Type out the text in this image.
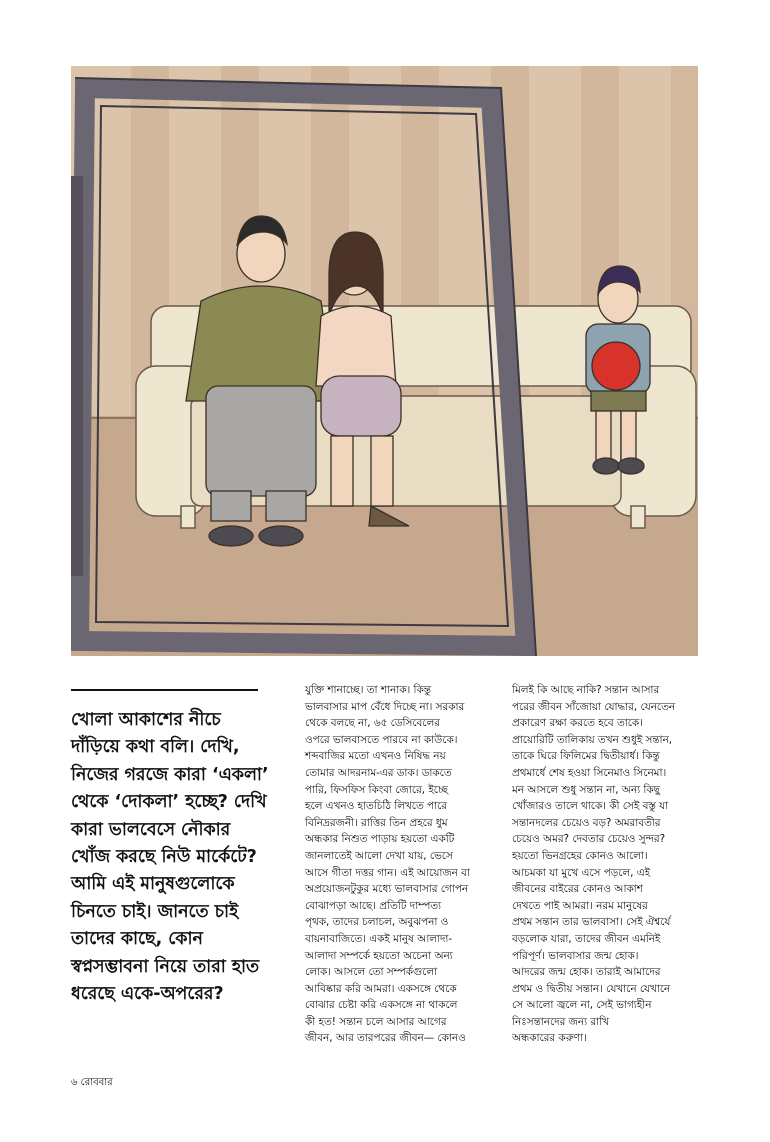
খোলা আকাশের নীচে দাঁড়িয়ে কথা বলি। দেখি, নিজের গরজে কারা ‘একলা’ থেকে ‘দোকলা’ হচ্ছে? দেখি কারা ভালবেসে নৌকার খোঁজ করছে নিউ মার্কেটে? আমি এই মানুষগুলোকে চিনতে চাই। জানতে চাই তাদের কাছে, কোন স্বপ্নসম্ভাবনা নিয়ে তারা হাত ধরেছে একে-অপরের?

যুক্তি শানাচ্ছে। তা শানাক। কিন্তু

ভালবাসার মাপ বেঁধে দিচ্ছে না। সরকার

থেকে বলছে না, ৬৫ ডেসিবেলের

ওপরে ভালবাসতে পারবে না কাউকে।

শব্দবাজির মতো এখনও নিষিদ্ধ নয়

তোমার আদরনাম-এর ডাক। ডাকতে

পারি, ফিসফিস কিংবা জোরে, ইচ্ছে

হলে এখনও হাতচিঠি লিখতে পারে

বিনিদ্ররজনী। রাত্তির তিন প্রহরে ধুম

অন্ধকার নিশুত পাড়ায় হয়তো একটি

জানলাতেই আলো দেখা যায়, ভেসে

আসে গীতা দত্তর গান। এই আয়োজন বা

অপ্রয়োজনটুকুর মধ্যে ভালবাসার গোপন

বোঝাপড়া আছে। প্রতিটি দাম্পত্য

পৃথক, তাদের চলাচল, অবুঝপনা ও

বায়নাবাজিতে। একই মানুষ আলাদা-

আলাদা সম্পর্কে হয়তো অচেনা অন্য

লোক। আসলে তো সম্পর্কগুলো

আবিষ্কার করি আমরা। একসঙ্গে থেকে

বোঝার চেষ্টা করি একসঙ্গে না থাকলে

কী হত! সন্তান চলে আসার আগের

জীবন, আর তারপরের জীবন— কোনও

মিলই কি আছে নাকি? সন্তান আসার

পরের জীবন সাঁজোয়া যোদ্ধার, যেনতেন

প্রকারেণ রক্ষা করতে হবে তাকে।

প্রায়োরিটি তালিকায় তখন শুধুই সন্তান,

তাকে ঘিরে ফিলিমের দ্বিতীয়ার্ধ। কিন্তু

প্রথমার্ধে শেষ হওয়া সিনেমাও সিনেমা।

মন আসলে শুধু সন্তান না, অন্য কিছু

খোঁজারও তালে থাকে। কী সেই বস্তু যা

সন্তানদলের চেয়েও বড়? অমরাবতীর

চেয়েও অমর? দেবতার চেয়েও সুন্দর?

হয়তো ভিনগ্রহের কোনও আলো।

আচমকা যা মুখে এসে পড়লে, এই

জীবনের বাইরের কোনও আকাশ

দেখতে পাই আমরা। নরম মানুষের

প্রথম সন্তান তার ভালবাসা। সেই ঐশ্বর্যে

বড়লোক যারা, তাদের জীবন এমনিই

পরিপূর্ণ। ভালবাসার জন্ম হোক।

আদরের জন্ম হোক। তারাই আমাদের

প্রথম ও দ্বিতীয় সন্তান। যেখানে যেখানে

সে আলো জ্বলে না, সেই ভাগ্যহীন

নিঃসন্তানদের জন্য রাখি

অন্ধকারের করুণা।

৬ রোববার
